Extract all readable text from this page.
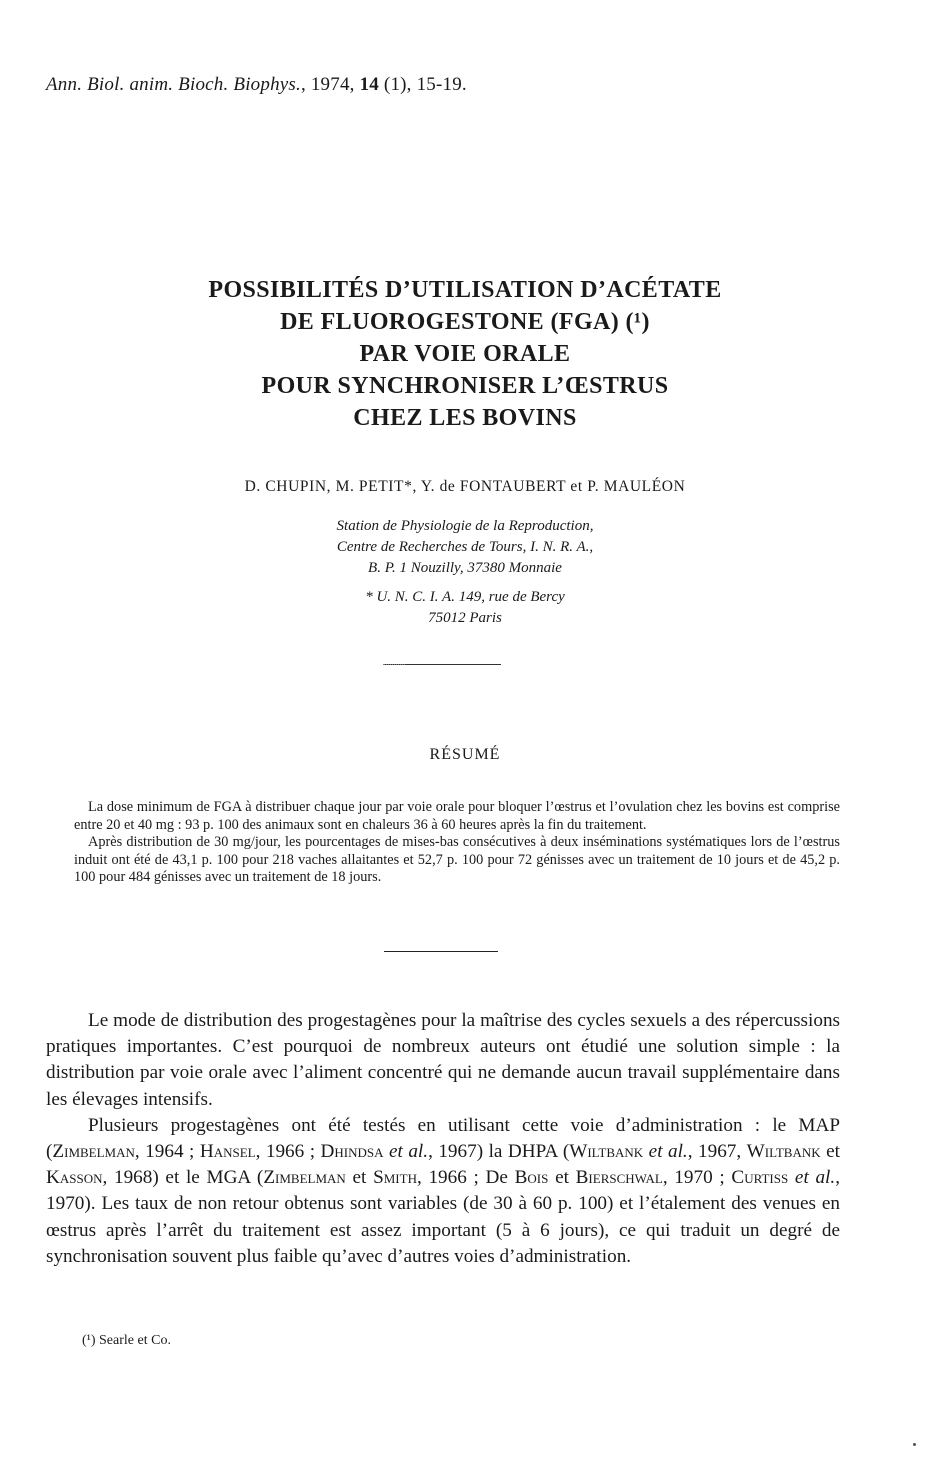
Ann. Biol. anim. Bioch. Biophys., 1974, 14 (1), 15-19.
POSSIBILITÉS D’UTILISATION D’ACÉTATE
DE FLUOROGESTONE (FGA) (¹)
PAR VOIE ORALE
POUR SYNCHRONISER L’ŒSTRUS
CHEZ LES BOVINS
D. CHUPIN, M. PETIT*, Y. de FONTAUBERT et P. MAULÉON
Station de Physiologie de la Reproduction,
Centre de Recherches de Tours, I. N. R. A.,
B. P. 1 Nouzilly, 37380 Monnaie
* U. N. C. I. A. 149, rue de Bercy
75012 Paris
RÉSUMÉ

La dose minimum de FGA à distribuer chaque jour par voie orale pour bloquer l’œstrus et l’ovulation chez les bovins est comprise entre 20 et 40 mg : 93 p. 100 des animaux sont en chaleurs 36 à 60 heures après la fin du traitement.

Après distribution de 30 mg/jour, les pourcentages de mises-bas consécutives à deux inséminations systématiques lors de l’œstrus induit ont été de 43,1 p. 100 pour 218 vaches allaitantes et 52,7 p. 100 pour 72 génisses avec un traitement de 10 jours et de 45,2 p. 100 pour 484 génisses avec un traitement de 18 jours.

Le mode de distribution des progestagènes pour la maîtrise des cycles sexuels a des répercussions pratiques importantes. C’est pourquoi de nombreux auteurs ont étudié une solution simple : la distribution par voie orale avec l’aliment concentré qui ne demande aucun travail supplémentaire dans les élevages intensifs.

Plusieurs progestagènes ont été testés en utilisant cette voie d’administration : le MAP (Zimbelman, 1964 ; Hansel, 1966 ; Dhindsa et al., 1967) la DHPA (Wiltbank et al., 1967, Wiltbank et Kasson, 1968) et le MGA (Zimbelman et Smith, 1966 ; De Bois et Bierschwal, 1970 ; Curtiss et al., 1970). Les taux de non retour obtenus sont variables (de 30 à 60 p. 100) et l’étalement des venues en œstrus après l’arrêt du traitement est assez important (5 à 6 jours), ce qui traduit un degré de synchronisation souvent plus faible qu’avec d’autres voies d’administration.

(¹) Searle et Co.
